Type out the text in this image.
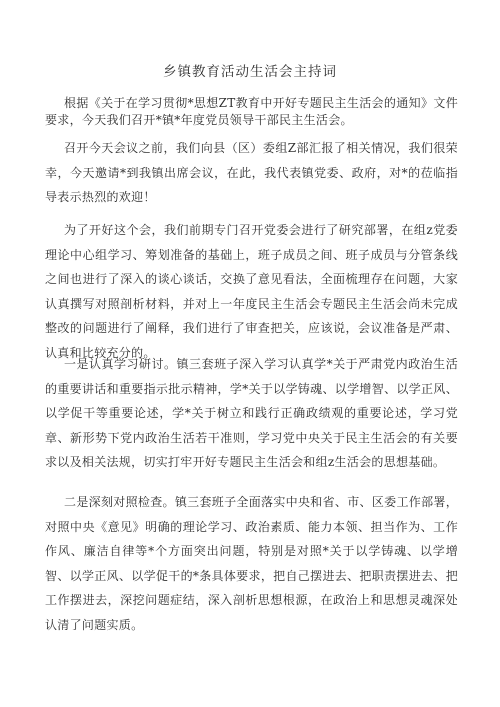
乡镇教育活动生活会主持词

根据《关于在学习贯彻*思想ZT教育中开好专题民主生活会的通知》文件要求，今天我们召开*镇*年度党员领导干部民主生活会。

召开今天会议之前，我们向县（区）委组Z部汇报了相关情况，我们很荣幸，今天邀请*到我镇出席会议，在此，我代表镇党委、政府，对*的莅临指导表示热烈的欢迎！

为了开好这个会，我们前期专门召开党委会进行了研究部署，在组z党委理论中心组学习、筹划准备的基础上，班子成员之间、班子成员与分管条线之间也进行了深入的谈心谈话，交换了意见看法，全面梳理存在问题，大家认真撰写对照剖析材料，并对上一年度民主生活会专题民主生活会尚未完成整改的问题进行了阐释，我们进行了审查把关，应该说，会议准备是严肃、认真和比较充分的。

一是认真学习研讨。镇三套班子深入学习认真学*关于严肃党内政治生活的重要讲话和重要指示批示精神，学*关于以学铸魂、以学增智、以学正风、以学促干等重要论述，学*关于树立和践行正确政绩观的重要论述，学习党章、新形势下党内政治生活若干准则，学习党中央关于民主生活会的有关要求以及相关法规，切实打牢开好专题民主生活会和组z生活会的思想基础。

二是深刻对照检查。镇三套班子全面落实中央和省、市、区委工作部署，对照中央《意见》明确的理论学习、政治素质、能力本领、担当作为、工作作风、廉洁自律等*个方面突出问题，特别是对照*关于以学铸魂、以学增智、以学正风、以学促干的*条具体要求，把自己摆进去、把职责摆进去、把工作摆进去，深挖问题症结，深入剖析思想根源，在政治上和思想灵魂深处认清了问题实质。
